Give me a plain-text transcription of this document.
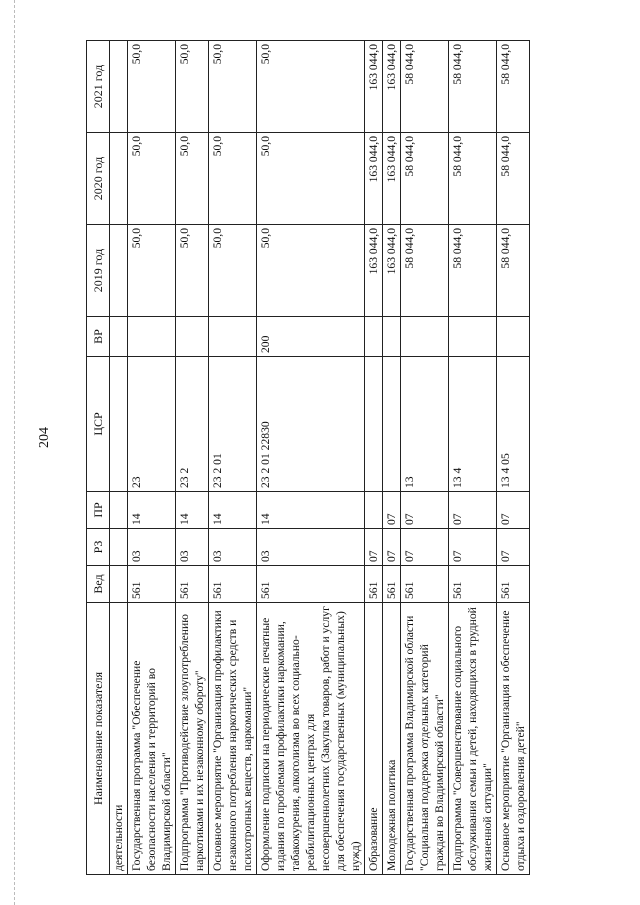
204
Наименование показателя	Вед	РЗ	ПР	ЦСР	ВР	2019 год	2020 год	2021 год
деятельности								
Государственная программа "Обеспечение безопасности населения и территорий во Владимирской области"	561	03	14	23		50,0	50,0	50,0
Подпрограмма "Противодействие злоупотреблению наркотиками и их незаконному обороту"	561	03	14	23 2		50,0	50,0	50,0
Основное мероприятие "Организация профилактики незаконного потребления наркотических средств и психотропных веществ, наркомании"	561	03	14	23 2 01		50,0	50,0	50,0
Оформление подписки на периодические печатные издания по проблемам профилактики наркомании, табакокурения, алкоголизма во всех социально-реабилитационных центрах для несовершеннолетних (Закупка товаров, работ и услуг для обеспечения государственных (муниципальных) нужд)	561	03	14	23 2 01 22830	200	50,0	50,0	50,0
Образование	561	07				163 044,0	163 044,0	163 044,0
Молодежная политика	561	07	07			163 044,0	163 044,0	163 044,0
Государственная программа Владимирской области "Социальная поддержка отдельных категорий граждан во Владимирской области"	561	07	07	13		58 044,0	58 044,0	58 044,0
Подпрограмма "Совершенствование социального обслуживания семьи и детей, находящихся в трудной жизненной ситуации"	561	07	07	13 4		58 044,0	58 044,0	58 044,0
Основное мероприятие "Организация и обеспечение отдыха и оздоровления детей"	561	07	07	13 4 05		58 044,0	58 044,0	58 044,0
